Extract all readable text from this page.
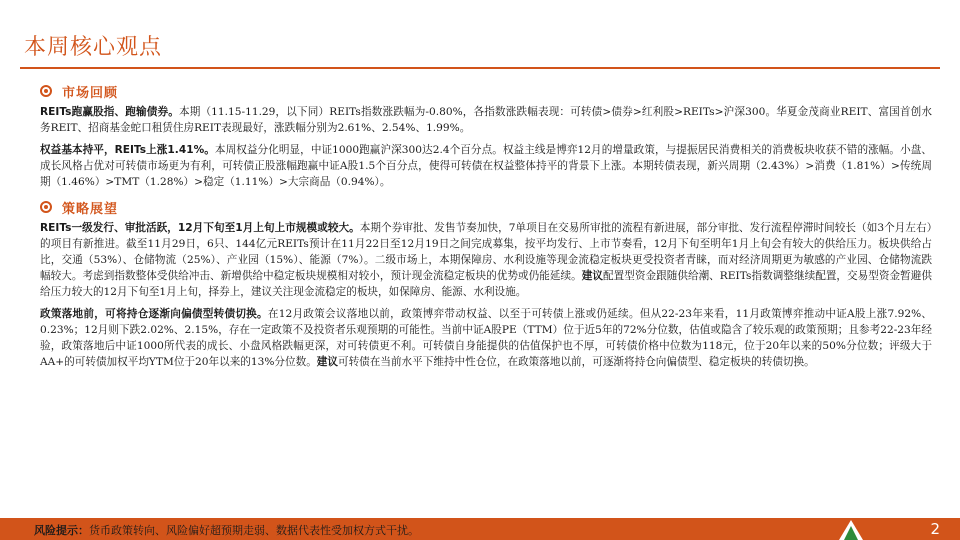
本周核心观点
市场回顾

REITs跑赢股指、跑输债券。本期（11.15-11.29，以下同）REITs指数涨跌幅为-0.80%，各指数涨跌幅表现：可转债>债券>红利股>REITs>沪深300。华夏金茂商业REIT、富国首创水务REIT、招商基金蛇口租赁住房REIT表现最好，涨跌幅分别为2.61%、2.54%、1.99%。

权益基本持平，REITs上涨1.41%。本周权益分化明显，中证1000跑赢沪深300达2.4个百分点。权益主线是博弈12月的增量政策，与提振居民消费相关的消费板块收获不错的涨幅。小盘、成长风格占优对可转债市场更为有利，可转债正股涨幅跑赢中证A股1.5个百分点，使得可转债在权益整体持平的背景下上涨。本期转债表现，新兴周期（2.43%）>消费（1.81%）>传统周期（1.46%）>TMT（1.28%）>稳定（1.11%）>大宗商品（0.94%）。

策略展望

REITs一级发行、审批活跃，12月下旬至1月上旬上市规模或较大。本期个券审批、发售节奏加快，7单项目在交易所审批的流程有新进展，部分审批、发行流程停滞时间较长（如3个月左右）的项目有新推进。截至11月29日，6只、144亿元REITs预计在11月22日至12月19日之间完成募集，按平均发行、上市节奏看，12月下旬至明年1月上旬会有较大的供给压力。板块供给占比，交通（53%）、仓储物流（25%）、产业园（15%）、能源（7%）。二级市场上，本期保障房、水利设施等现金流稳定板块更受投资者青睐，而对经济周期更为敏感的产业园、仓储物流跌幅较大。考虑到指数整体受供给冲击、新增供给中稳定板块规模相对较小，预计现金流稳定板块的优势或仍能延续。建议配置型资金跟随供给潮、REITs指数调整继续配置，交易型资金暂避供给压力较大的12月下旬至1月上旬，择券上，建议关注现金流稳定的板块，如保障房、能源、水利设施。

政策落地前，可将持仓逐渐向偏债型转债切换。在12月政策会议落地以前，政策博弈带动权益、以至于可转债上涨或仍延续。但从22-23年来看，11月政策博弈推动中证A股上涨7.92%、0.23%；12月则下跌2.02%、2.15%，存在一定政策不及投资者乐观预期的可能性。当前中证A股PE（TTM）位于近5年的72%分位数，估值或隐含了较乐观的政策预期；且参考22-23年经验，政策落地后中证1000所代表的成长、小盘风格跌幅更深，对可转债更不利。可转债自身能提供的估值保护也不厚，可转债价格中位数为118元，位于20年以来的50%分位数；评级大于AA+的可转债加权平均YTM位于20年以来的13%分位数。建议可转债在当前水平下维持中性仓位，在政策落地以前，可逐渐将持仓向偏债型、稳定板块的转债切换。

风险提示：货币政策转向、风险偏好超预期走弱、数据代表性受加权方式干扰。	2
